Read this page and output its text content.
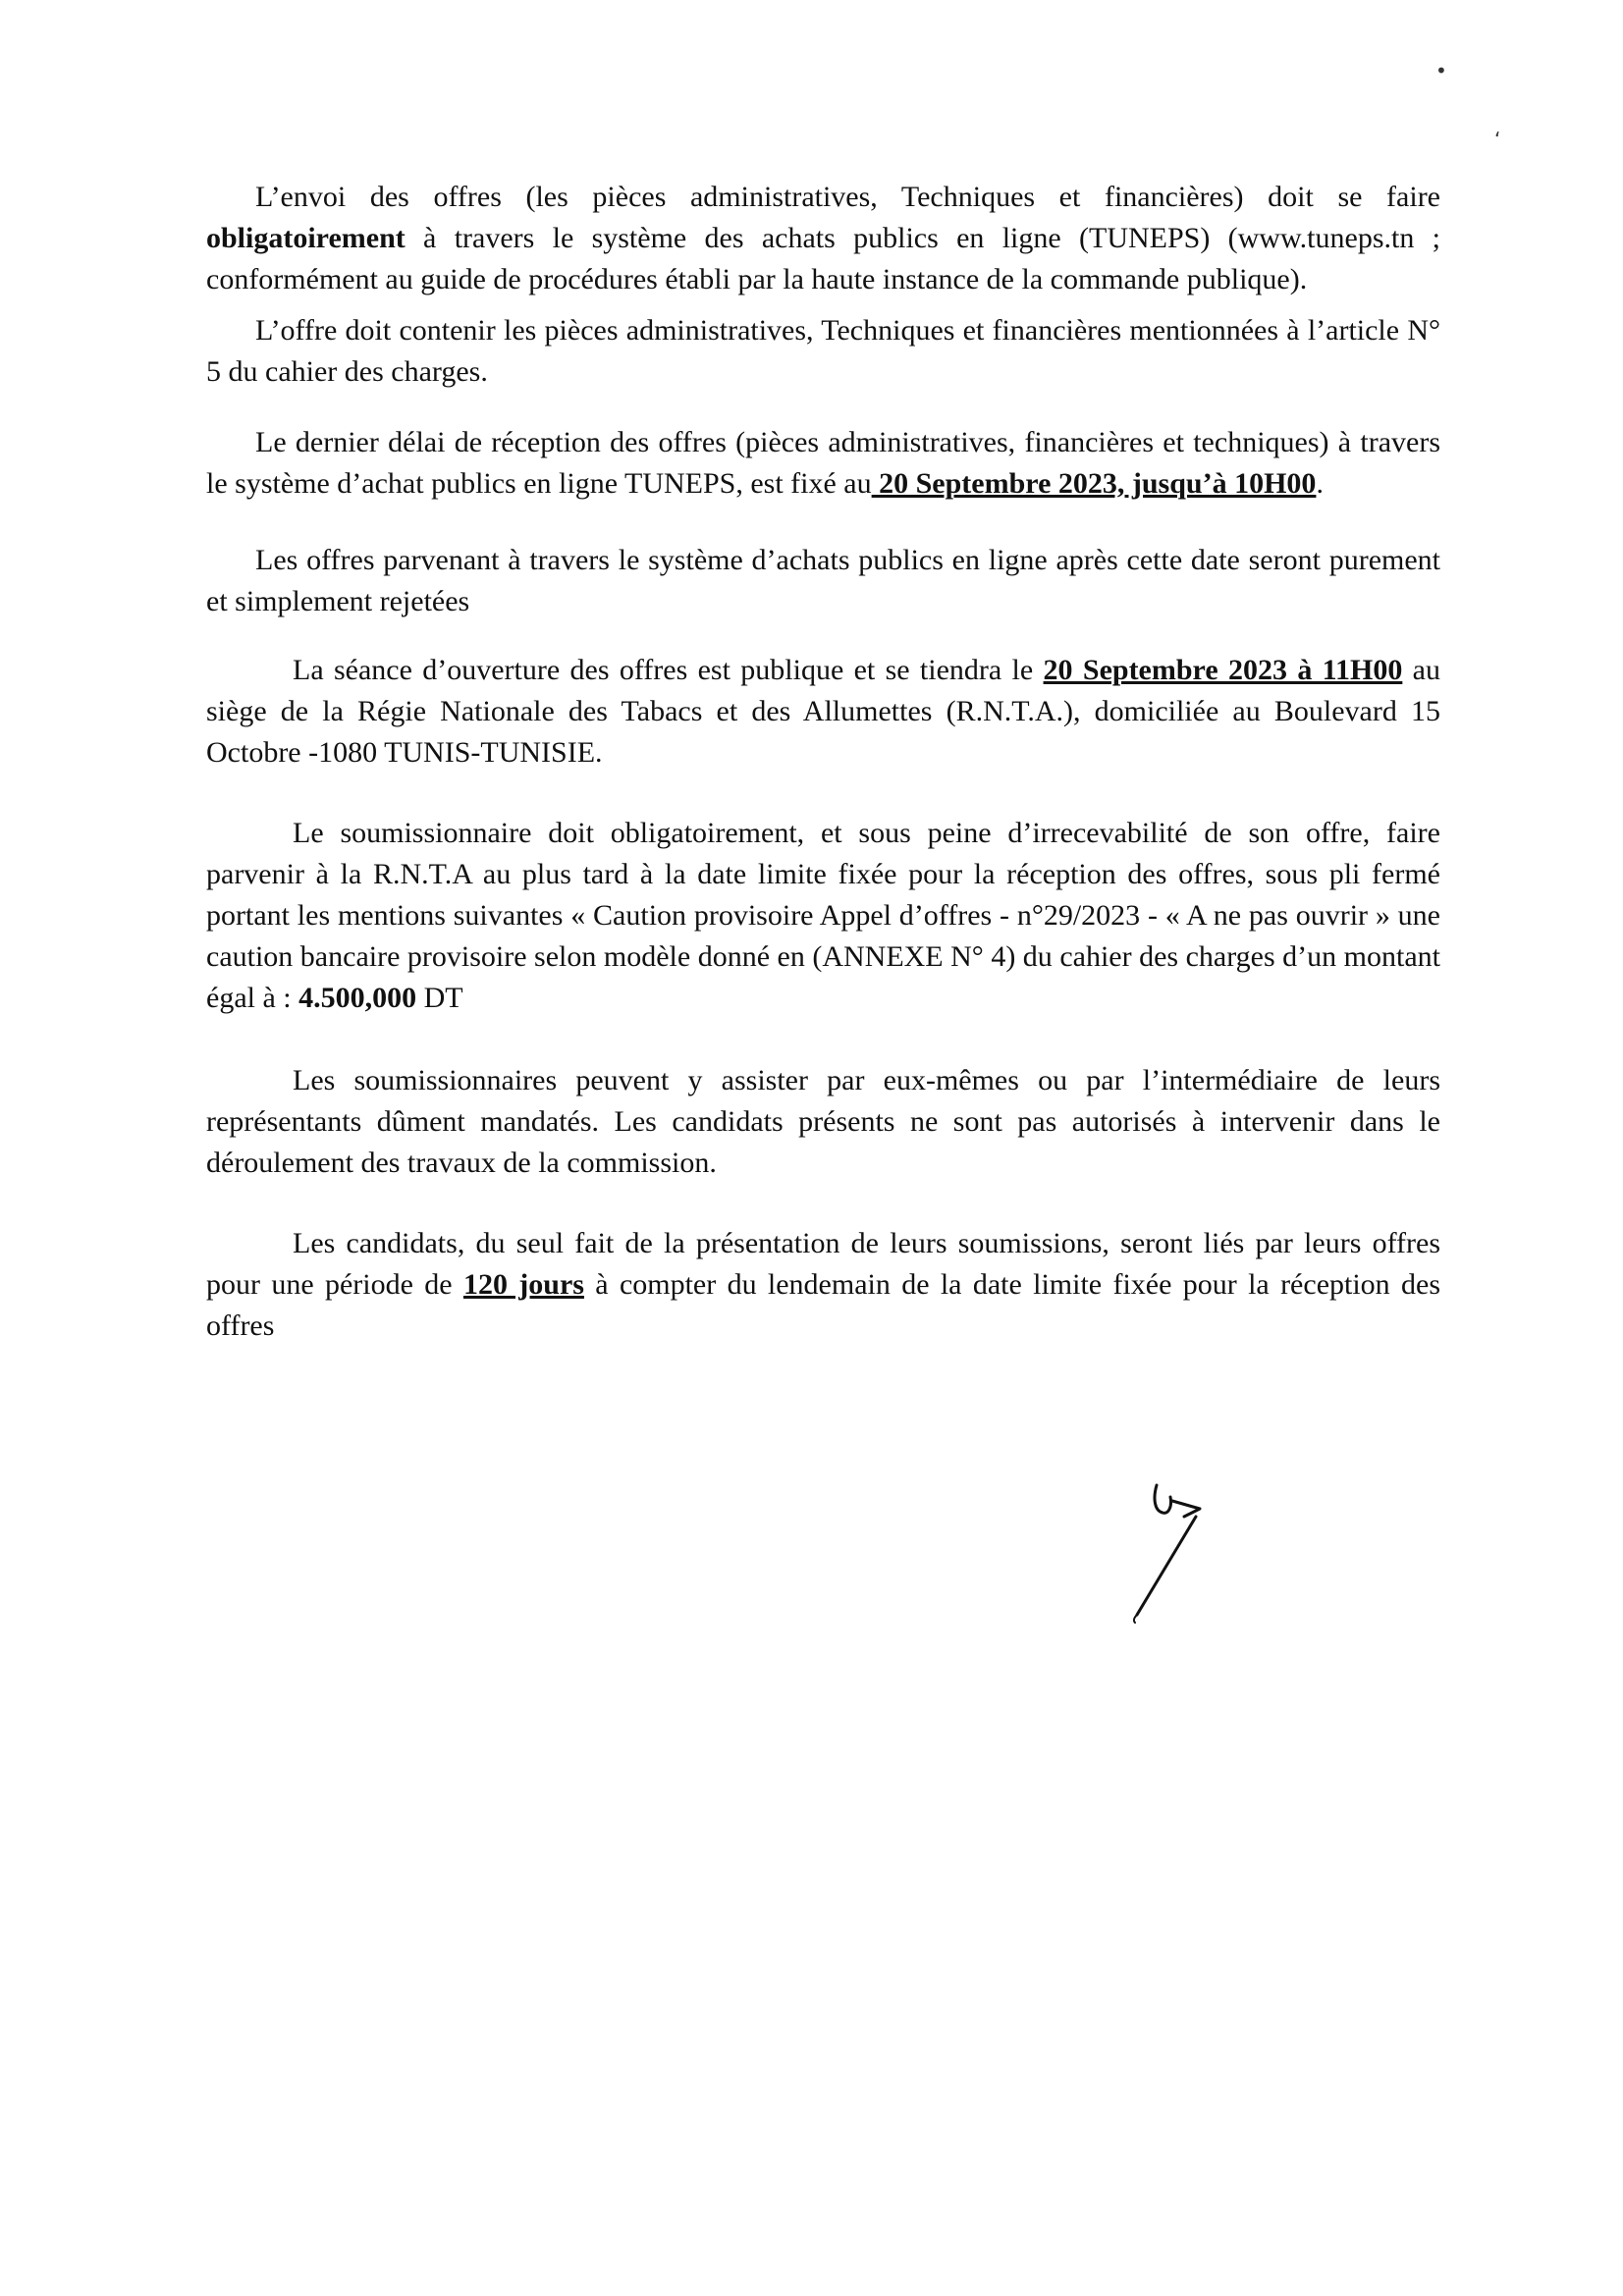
•
‘

L’envoi des offres (les pièces administratives, Techniques et financières) doit se faire obligatoirement à travers le système des achats publics en ligne (TUNEPS) (www.tuneps.tn ; conformément au guide de procédures établi par la haute instance de la commande publique).

L’offre doit contenir les pièces administratives, Techniques et financières mentionnées à l’article N° 5 du cahier des charges.

Le dernier délai de réception des offres (pièces administratives, financières et techniques) à travers le système d’achat publics en ligne TUNEPS, est fixé au 20 Septembre 2023, jusqu’à 10H00.

Les offres parvenant à travers le système d’achats publics en ligne après cette date seront purement et simplement rejetées

La séance d’ouverture des offres est publique et se tiendra le 20 Septembre 2023 à 11H00 au siège de la Régie Nationale des Tabacs et des Allumettes (R.N.T.A.), domiciliée au Boulevard 15 Octobre -1080 TUNIS-TUNISIE.

Le soumissionnaire doit obligatoirement, et sous peine d’irrecevabilité de son offre, faire parvenir à la R.N.T.A au plus tard à la date limite fixée pour la réception des offres, sous pli fermé portant les mentions suivantes « Caution provisoire Appel d’offres - n°29/2023 - « A ne pas ouvrir » une caution bancaire provisoire selon modèle donné en (ANNEXE N° 4) du cahier des charges d’un montant égal à : 4.500,000 DT

Les soumissionnaires peuvent y assister par eux-mêmes ou par l’intermédiaire de leurs représentants dûment mandatés. Les candidats présents ne sont pas autorisés à intervenir dans le déroulement des travaux de la commission.

Les candidats, du seul fait de la présentation de leurs soumissions, seront liés par leurs offres pour une période de 120 jours à compter du lendemain de la date limite fixée pour la réception des offres
